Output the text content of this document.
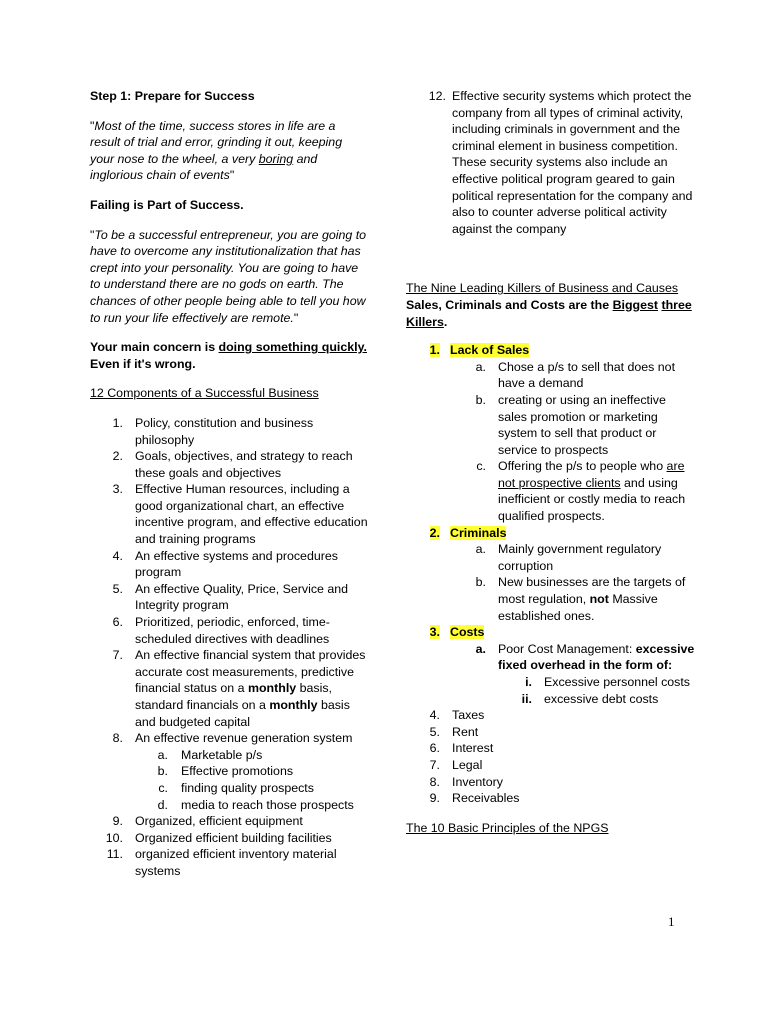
Step 1: Prepare for Success

"Most of the time, success stores in life are a result of trial and error, grinding it out, keeping your nose to the wheel, a very boring and inglorious chain of events"

Failing is Part of Success.

"To be a successful entrepreneur, you are going to have to overcome any institutionalization that has crept into your personality. You are going to have to understand there are no gods on earth. The chances of other people being able to tell you how to run your life effectively are remote."

Your main concern is doing something quickly. Even if it's wrong.

12 Components of a Successful Business

1. Policy, constitution and business philosophy
2. Goals, objectives, and strategy to reach these goals and objectives
3. Effective Human resources, including a good organizational chart, an effective incentive program, and effective education and training programs
4. An effective systems and procedures program
5. An effective Quality, Price, Service and Integrity program
6. Prioritized, periodic, enforced, time-scheduled directives with deadlines
7. An effective financial system that provides accurate cost measurements, predictive financial status on a monthly basis, standard financials on a monthly basis and budgeted capital
8. An effective revenue generation system
a. Marketable p/s
b. Effective promotions
c. finding quality prospects
d. media to reach those prospects
9. Organized, efficient equipment
10. Organized efficient building facilities
11. organized efficient inventory material systems
12. Effective security systems which protect the company from all types of criminal activity, including criminals in government and the criminal element in business competition. These security systems also include an effective political program geared to gain political representation for the company and also to counter adverse political activity against the company

The Nine Leading Killers of Business and Causes

Sales, Criminals and Costs are the Biggest three Killers.

1. Lack of Sales
a. Chose a p/s to sell that does not have a demand
b. creating or using an ineffective sales promotion or marketing system to sell that product or service to prospects
c. Offering the p/s to people who are not prospective clients and using inefficient or costly media to reach qualified prospects.
2. Criminals
a. Mainly government regulatory corruption
b. New businesses are the targets of most regulation, not Massive established ones.
3. Costs
a. Poor Cost Management: excessive fixed overhead in the form of:
i. Excessive personnel costs
ii. excessive debt costs
4. Taxes
5. Rent
6. Interest
7. Legal
8. Inventory
9. Receivables

The 10 Basic Principles of the NPGS

1
